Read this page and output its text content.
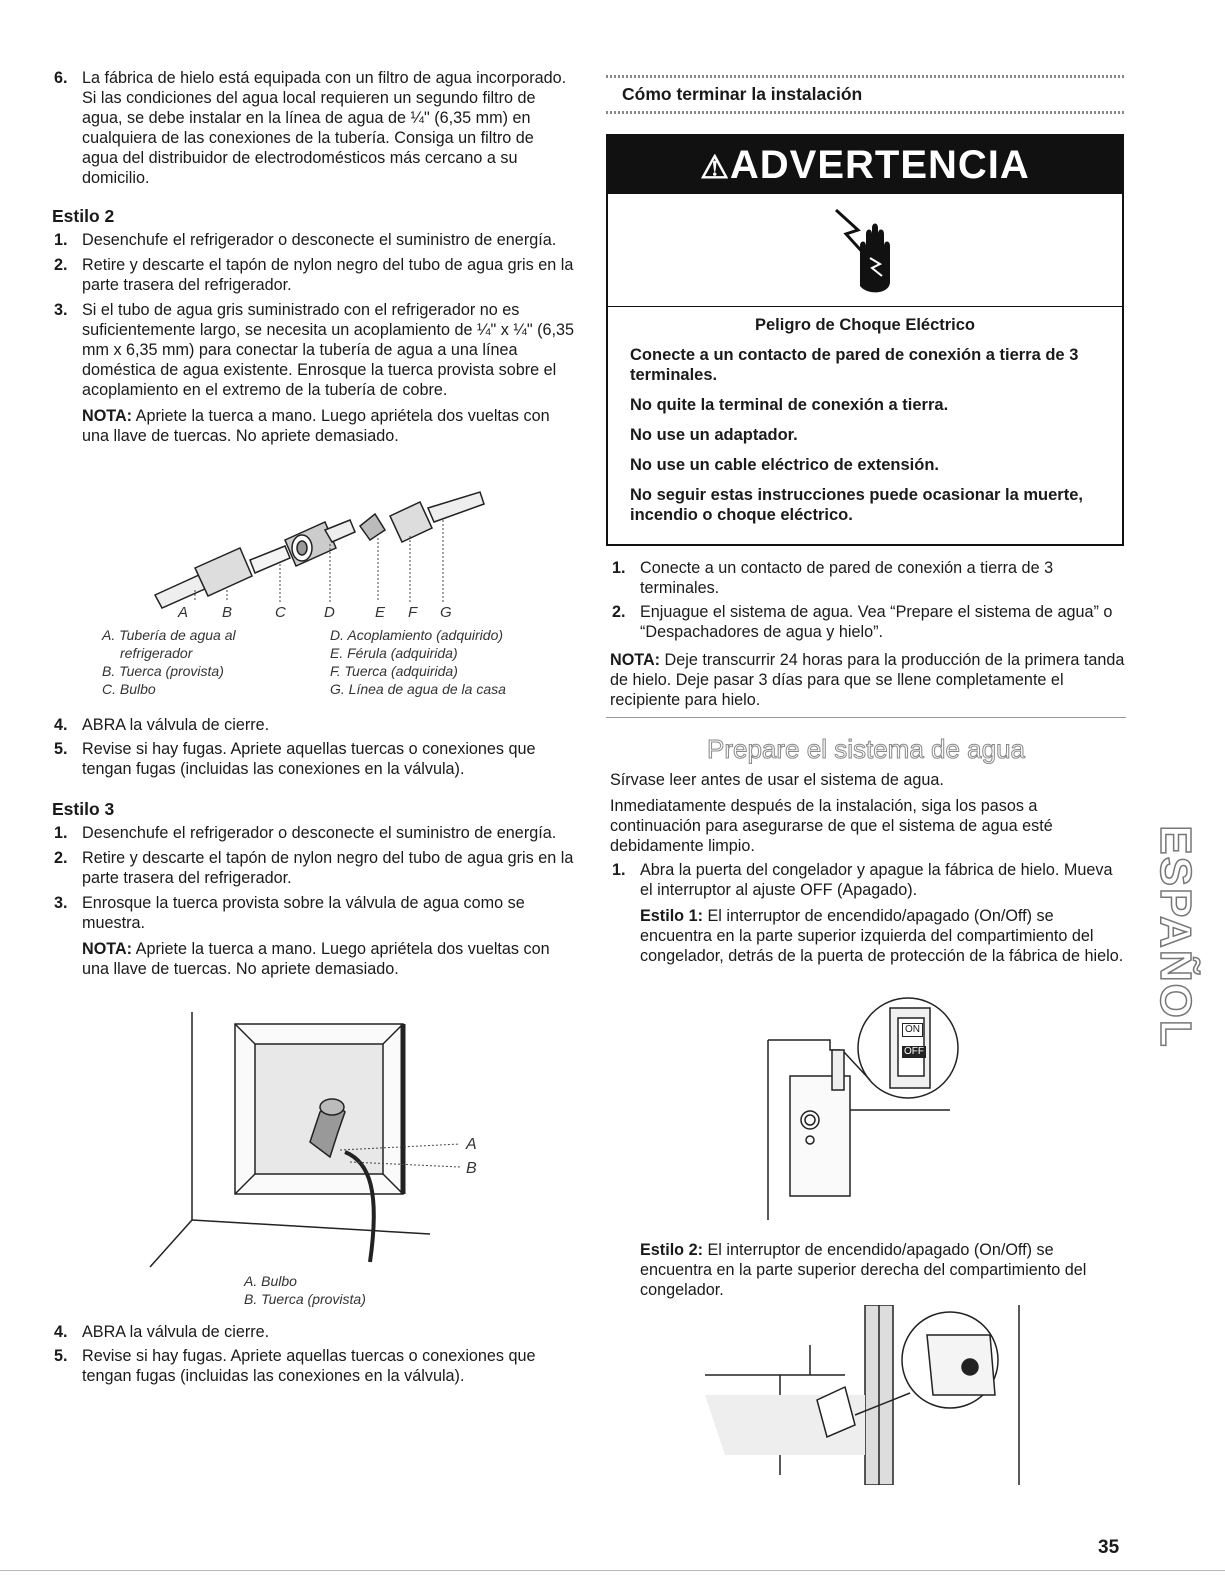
6. La fábrica de hielo está equipada con un filtro de agua incorporado. Si las condiciones del agua local requieren un segundo filtro de agua, se debe instalar en la línea de agua de ¼" (6,35 mm) en cualquiera de las conexiones de la tubería. Consiga un filtro de agua del distribuidor de electrodomésticos más cercano a su domicilio.

Estilo 2
1. Desenchufe el refrigerador o desconecte el suministro de energía.

2. Retire y descarte el tapón de nylon negro del tubo de agua gris en la parte trasera del refrigerador.

3. Si el tubo de agua gris suministrado con el refrigerador no es suficientemente largo, se necesita un acoplamiento de ¼" x ¼" (6,35 mm x 6,35 mm) para conectar la tubería de agua a una línea doméstica de agua existente. Enrosque la tuerca provista sobre el acoplamiento en el extremo de la tubería de cobre.

NOTA: Apriete la tuerca a mano. Luego apriétela dos vueltas con una llave de tuercas. No apriete demasiado.

A B	C	D	E F G
A. Tubería de agua al
refrigerador
B. Tuerca (provista)
C. Bulbo
D. Acoplamiento (adquirido)
E. Férula (adquirida)
F. Tuerca (adquirida)
G. Línea de agua de la casa
4. ABRA la válvula de cierre.

5. Revise si hay fugas. Apriete aquellas tuercas o conexiones que tengan fugas (incluidas las conexiones en la válvula).

Estilo 3
1. Desenchufe el refrigerador o desconecte el suministro de energía.

2. Retire y descarte el tapón de nylon negro del tubo de agua gris en la parte trasera del refrigerador.

3. Enrosque la tuerca provista sobre la válvula de agua como se muestra.

NOTA: Apriete la tuerca a mano. Luego apriétela dos vueltas con una llave de tuercas. No apriete demasiado.

A
B
A. Bulbo
B. Tuerca (provista)
4. ABRA la válvula de cierre.

5. Revise si hay fugas. Apriete aquellas tuercas o conexiones que tengan fugas (incluidas las conexiones en la válvula).

Cómo terminar la instalación
⚠ADVERTENCIA

Peligro de Choque Eléctrico

Conecte a un contacto de pared de conexión a tierra de 3 terminales.

No quite la terminal de conexión a tierra.

No use un adaptador.

No use un cable eléctrico de extensión.

No seguir estas instrucciones puede ocasionar la muerte, incendio o choque eléctrico.

1. Conecte a un contacto de pared de conexión a tierra de 3 terminales.

2. Enjuague el sistema de agua. Vea “Prepare el sistema de agua” o “Despachadores de agua y hielo”.

NOTA: Deje transcurrir 24 horas para la producción de la primera tanda de hielo. Deje pasar 3 días para que se llene completamente el recipiente para hielo.

Prepare el sistema de agua

Sírvase leer antes de usar el sistema de agua.

Inmediatamente después de la instalación, siga los pasos a continuación para asegurarse de que el sistema de agua esté debidamente limpio.

1. Abra la puerta del congelador y apague la fábrica de hielo. Mueva el interruptor al ajuste OFF (Apagado).

Estilo 1: El interruptor de encendido/apagado (On/Off) se encuentra en la parte superior izquierda del compartimiento del congelador, detrás de la puerta de protección de la fábrica de hielo.

ON
OFF

Estilo 2: El interruptor de encendido/apagado (On/Off) se encuentra en la parte superior derecha del compartimiento del congelador.

ESPAÑOL
35
